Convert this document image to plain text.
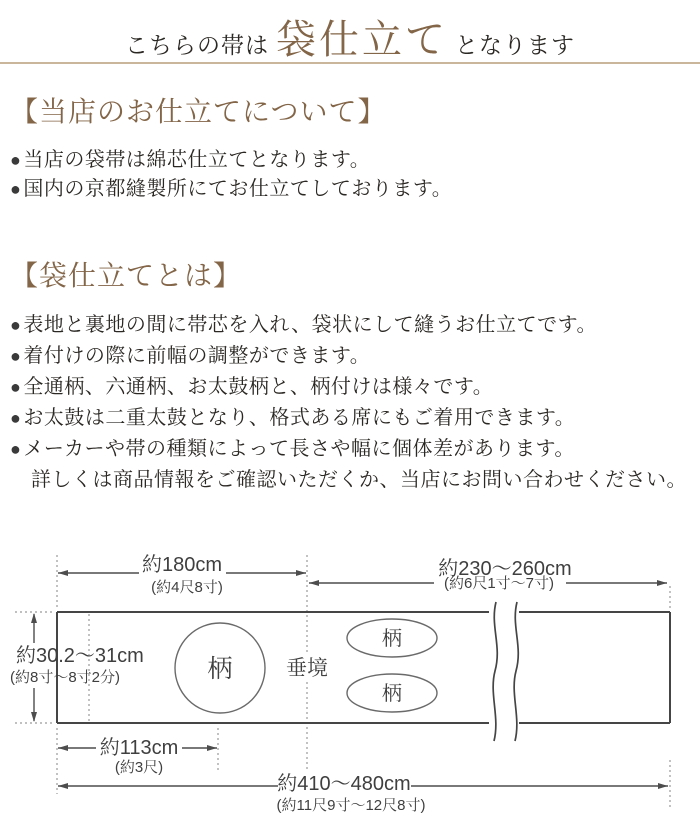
こちらの帯は 袋仕立て となります
【当店のお仕立てについて】
● 当店の袋帯は綿芯仕立てとなります。
● 国内の京都縫製所にてお仕立てしております。
【袋仕立てとは】
● 表地と裏地の間に帯芯を入れ、袋状にして縫うお仕立てです。
● 着付けの際に前幅の調整ができます。
● 全通柄、六通柄、お太鼓柄と、柄付けは様々です。
● お太鼓は二重太鼓となり、格式ある席にもご着用できます。
● メーカーや帯の種類によって長さや幅に個体差があります。
詳しくは商品情報をご確認いただくか、当店にお問い合わせください。
柄
柄
柄
垂境
約180cm
(約4尺8寸)
約230～260cm
(約6尺1寸～7寸)
約30.2～31cm
(約8寸～8寸2分)
約113cm
(約3尺)
約410～480cm
(約11尺9寸～12尺8寸)
